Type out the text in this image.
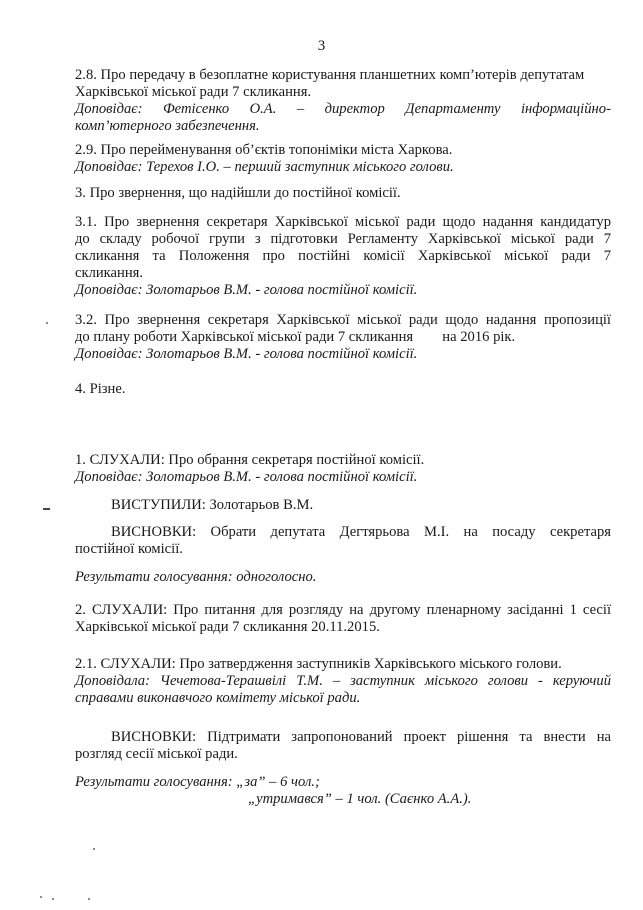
3
2.8. Про передачу в безоплатне користування планшетних комп’ютерів депутатам
Харківської міської ради 7 скликання.
Доповідає: Фетісенко О.А. – директор Департаменту інформаційно-
комп’ютерного забезпечення.
2.9. Про перейменування об’єктів топоніміки міста Харкова.
Доповідає: Терехов І.О. – перший заступник міського голови.
3. Про звернення, що надійшли до постійної комісії.
3.1. Про звернення секретаря Харківської міської ради щодо надання кандидатур
до складу робочої групи з підготовки Регламенту Харківської міської ради 7
скликання та Положення про постійні комісії Харківської міської ради 7
скликання.
Доповідає: Золотарьов В.М. - голова постійної комісії.
3.2. Про звернення секретаря Харківської міської ради щодо надання пропозиції
до плану роботи Харківської міської ради 7 скликання        на 2016 рік.
Доповідає: Золотарьов В.М. - голова постійної комісії.
4. Різне.
1. СЛУХАЛИ: Про обрання секретаря постійної комісії.
Доповідає: Золотарьов В.М. - голова постійної комісії.
ВИСТУПИЛИ: Золотарьов В.М.
ВИСНОВКИ: Обрати депутата Дегтярьова М.І. на посаду секретаря
постійної комісії.
Результати голосування: одноголосно.
2. СЛУХАЛИ: Про питання для розгляду на другому пленарному засіданні 1 сесії
Харківської міської ради 7 скликання 20.11.2015.
2.1. СЛУХАЛИ: Про затвердження заступників Харківського міського голови.
Доповідала: Чечетова-Терашвілі Т.М. – заступник міського голови - керуючий
справами виконавчого комітету міської ради.
ВИСНОВКИ: Підтримати запропонований проект рішення та внести на
розгляд сесії міської ради.
Результати голосування: „за” – 6 чол.;
„утримався” – 1 чол. (Саєнко А.А.).
